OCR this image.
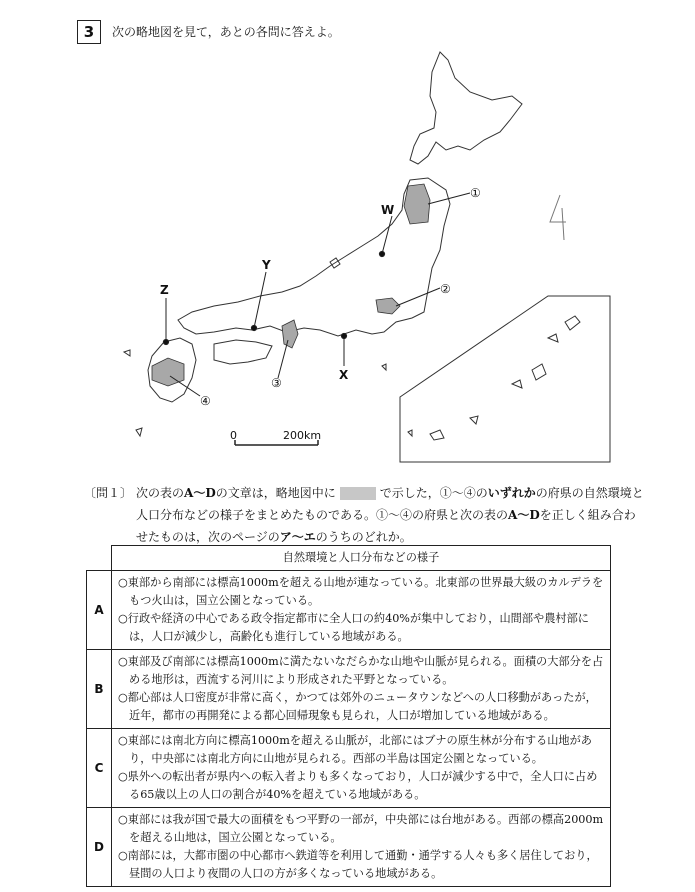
3	次の略地図を見て，あとの各問に答えよ。
①
②
③
④
W
X
Y
Z
0	200km
〔問１〕 次の表のA～Dの文章は，略地図中に	で示した，①～④のいずれかの府県の自然環境と人口分布などの様子をまとめたものである。①～④の府県と次の表のA～Dを正しく組み合わせたものは，次のページのア～エのうちのどれか。
	自然環境と人口分布などの様子
A	○東部から南部には標高1000mを超える山地が連なっている。北東部の世界最大級のカルデラをもつ火山は，国立公園となっている。
○行政や経済の中心である政令指定都市に全人口の約40%が集中しており，山間部や農村部には，人口が減少し，高齢化も進行している地域がある。

B	○東部及び南部には標高1000mに満たないなだらかな山地や山脈が見られる。面積の大部分を占める地形は，西流する河川により形成された平野となっている。
○都心部は人口密度が非常に高く，かつては郊外のニュータウンなどへの人口移動があったが，近年，都市の再開発による都心回帰現象も見られ，人口が増加している地域がある。

C	○東部には南北方向に標高1000mを超える山脈が，北部にはブナの原生林が分布する山地があり，中央部には南北方向に山地が見られる。西部の半島は国定公園となっている。
○県外への転出者が県内への転入者よりも多くなっており，人口が減少する中で，全人口に占める65歳以上の人口の割合が40%を超えている地域がある。

D	○東部には我が国で最大の面積をもつ平野の一部が，中央部には台地がある。西部の標高2000mを超える山地は，国立公園となっている。
○南部には，大都市圏の中心都市へ鉄道等を利用して通勤・通学する人々も多く居住しており，昼間の人口より夜間の人口の方が多くなっている地域がある。
